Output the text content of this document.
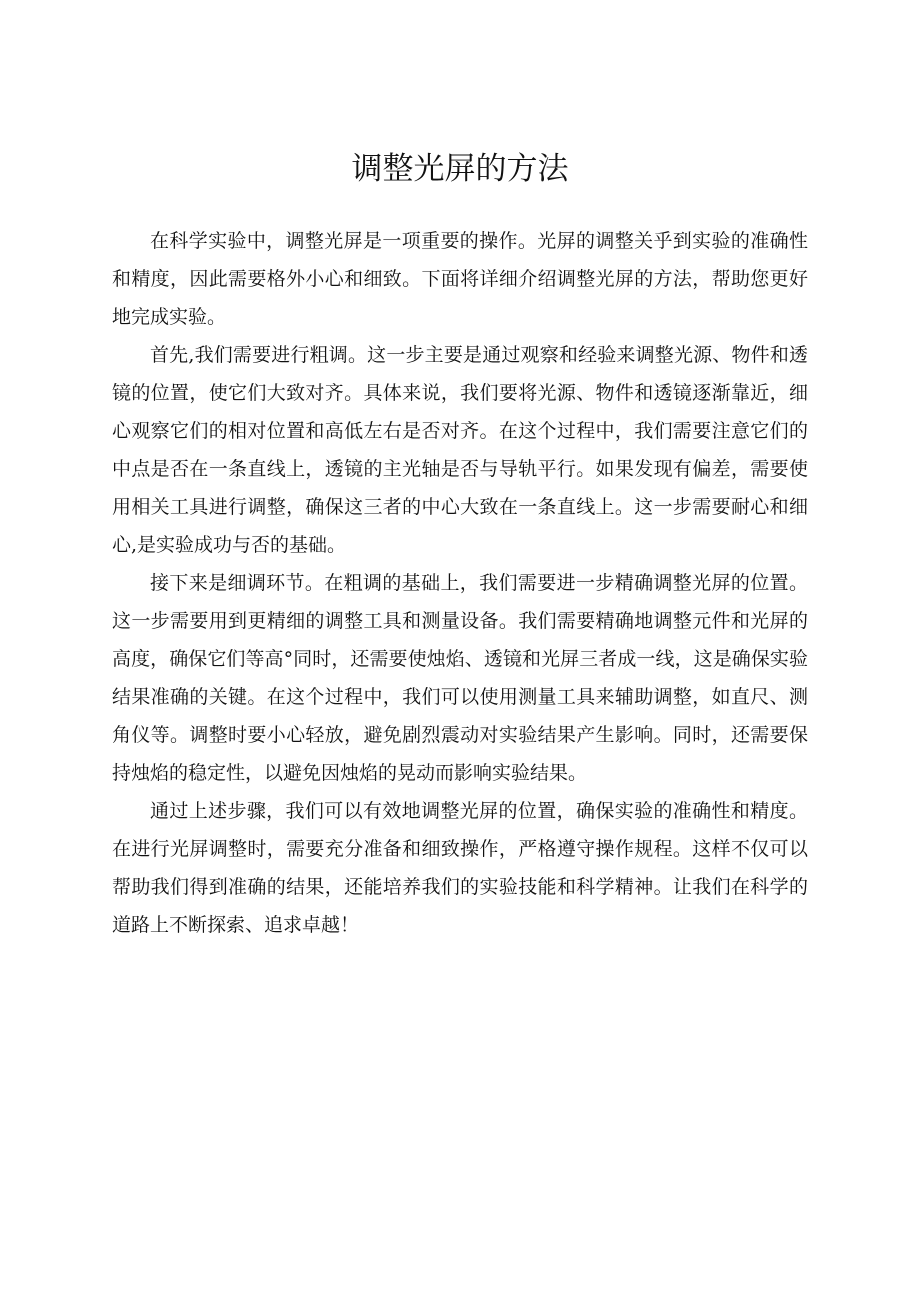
调整光屏的方法

在科学实验中，调整光屏是一项重要的操作。光屏的调整关乎到实验的准确性和精度，因此需要格外小心和细致。下面将详细介绍调整光屏的方法，帮助您更好地完成实验。

首先,我们需要进行粗调。这一步主要是通过观察和经验来调整光源、物件和透镜的位置，使它们大致对齐。具体来说，我们要将光源、物件和透镜逐渐靠近，细心观察它们的相对位置和高低左右是否对齐。在这个过程中，我们需要注意它们的中点是否在一条直线上，透镜的主光轴是否与导轨平行。如果发现有偏差，需要使用相关工具进行调整，确保这三者的中心大致在一条直线上。这一步需要耐心和细心,是实验成功与否的基础。

接下来是细调环节。在粗调的基础上，我们需要进一步精确调整光屏的位置。这一步需要用到更精细的调整工具和测量设备。我们需要精确地调整元件和光屏的高度，确保它们等高°同时，还需要使烛焰、透镜和光屏三者成一线，这是确保实验结果准确的关键。在这个过程中，我们可以使用测量工具来辅助调整，如直尺、测角仪等。调整时要小心轻放，避免剧烈震动对实验结果产生影响。同时，还需要保持烛焰的稳定性，以避免因烛焰的晃动而影响实验结果。

通过上述步骤，我们可以有效地调整光屏的位置，确保实验的准确性和精度。在进行光屏调整时，需要充分准备和细致操作，严格遵守操作规程。这样不仅可以帮助我们得到准确的结果，还能培养我们的实验技能和科学精神。让我们在科学的道路上不断探索、追求卓越！
